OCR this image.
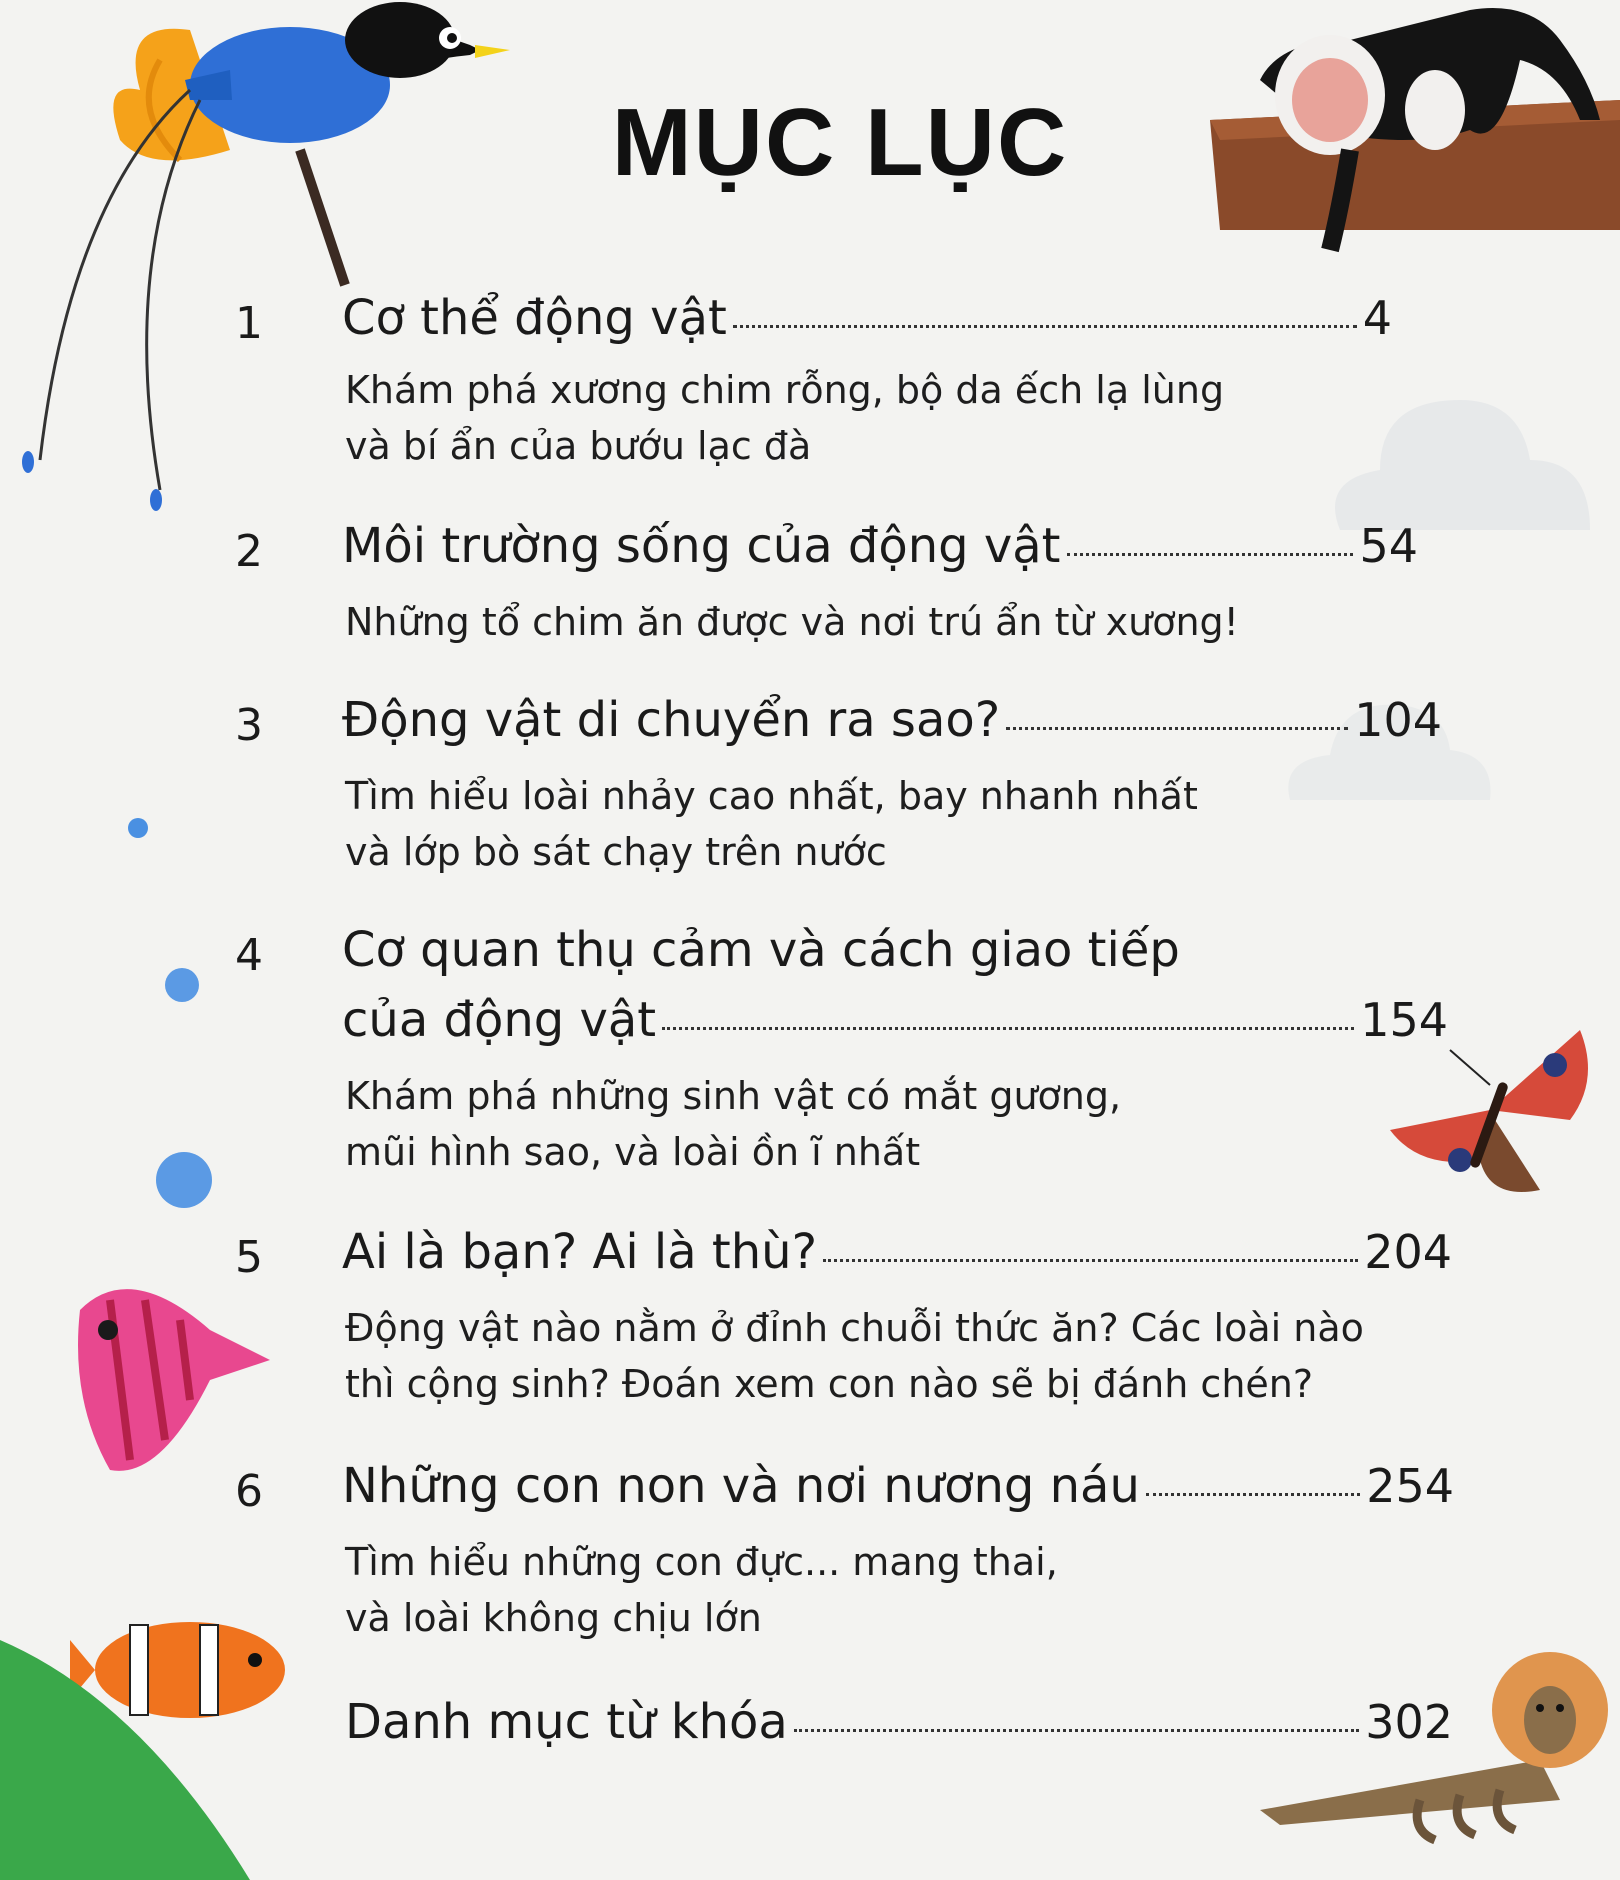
MỤC LỤC
1 Cơ thể động vật	4
Khám phá xương chim rỗng, bộ da ếch lạ lùng
và bí ẩn của bướu lạc đà
2 Môi trường sống của động vật	54
Những tổ chim ăn được và nơi trú ẩn từ xương!
3 Động vật di chuyển ra sao?	104
Tìm hiểu loài nhảy cao nhất, bay nhanh nhất
và lớp bò sát chạy trên nước
4 Cơ quan thụ cảm và cách giao tiếp
của động vật	154
Khám phá những sinh vật có mắt gương,
mũi hình sao, và loài ồn ĩ nhất
5 Ai là bạn? Ai là thù?	204
Động vật nào nằm ở đỉnh chuỗi thức ăn? Các loài nào
thì cộng sinh? Đoán xem con nào sẽ bị đánh chén?
6 Những con non và nơi nương náu	254
Tìm hiểu những con đực... mang thai,
và loài không chịu lớn
Danh mục từ khóa	302
